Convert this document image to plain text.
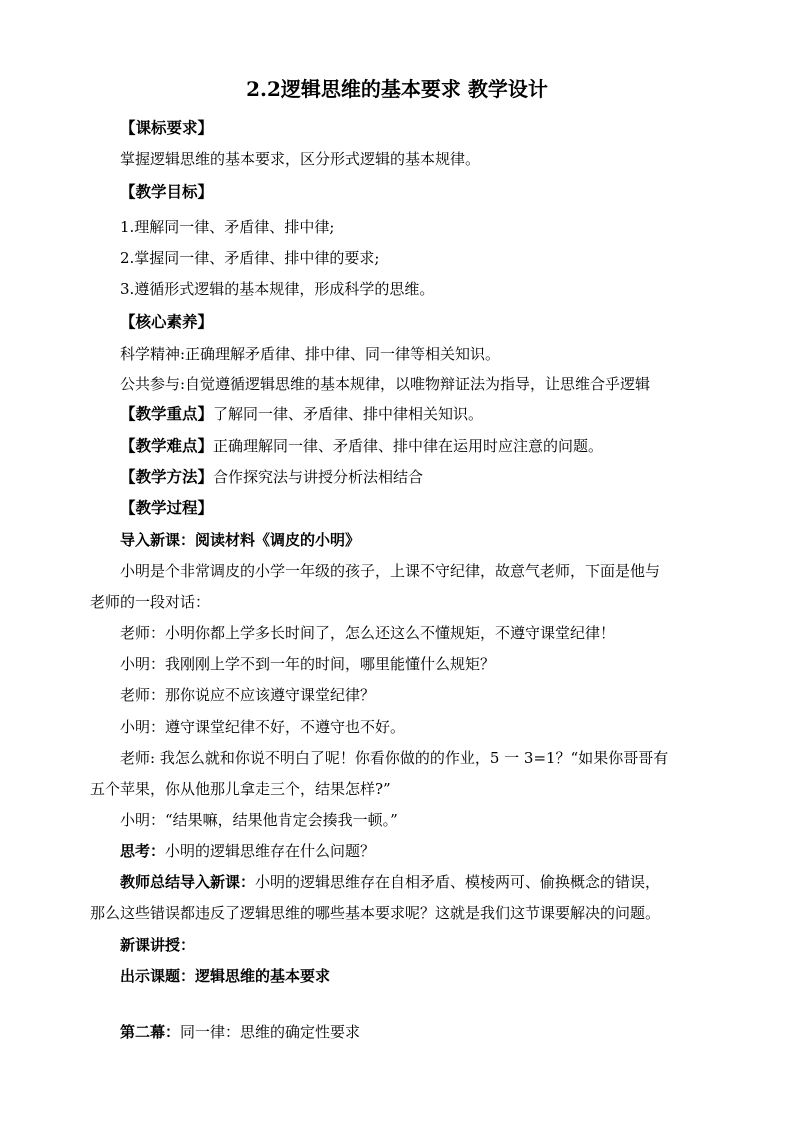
2.2逻辑思维的基本要求 教学设计
【课标要求】
掌握逻辑思维的基本要求，区分形式逻辑的基本规律。
【教学目标】
1.理解同一律、矛盾律、排中律;
2.掌握同一律、矛盾律、排中律的要求;
3.遵循形式逻辑的基本规律，形成科学的思维。
【核心素养】
科学精神:正确理解矛盾律、排中律、同一律等相关知识。
公共参与:自觉遵循逻辑思维的基本规律，以唯物辩证法为指导，让思维合乎逻辑
【教学重点】了解同一律、矛盾律、排中律相关知识。
【教学难点】正确理解同一律、矛盾律、排中律在运用时应注意的问题。
【教学方法】合作探究法与讲授分析法相结合
【教学过程】
导入新课：阅读材料《调皮的小明》
小明是个非常调皮的小学一年级的孩子，上课不守纪律，故意气老师，下面是他与
老师的一段对话：
老师：小明你都上学多长时间了，怎么还这么不懂规矩，不遵守课堂纪律！
小明：我刚刚上学不到一年的时间，哪里能懂什么规矩？
老师：那你说应不应该遵守课堂纪律？
小明：遵守课堂纪律不好，不遵守也不好。
老师: 我怎么就和你说不明白了呢！你看你做的的作业，5 一 3=1？“如果你哥哥有
五个苹果，你从他那儿拿走三个，结果怎样?”
小明：“结果嘛，结果他肯定会揍我一顿。”
思考：小明的逻辑思维存在什么问题？
教师总结导入新课：小明的逻辑思维存在自相矛盾、模棱两可、偷换概念的错误，
那么这些错误都违反了逻辑思维的哪些基本要求呢？这就是我们这节课要解决的问题。
新课讲授：
出示课题：逻辑思维的基本要求
第二幕：同一律：思维的确定性要求
